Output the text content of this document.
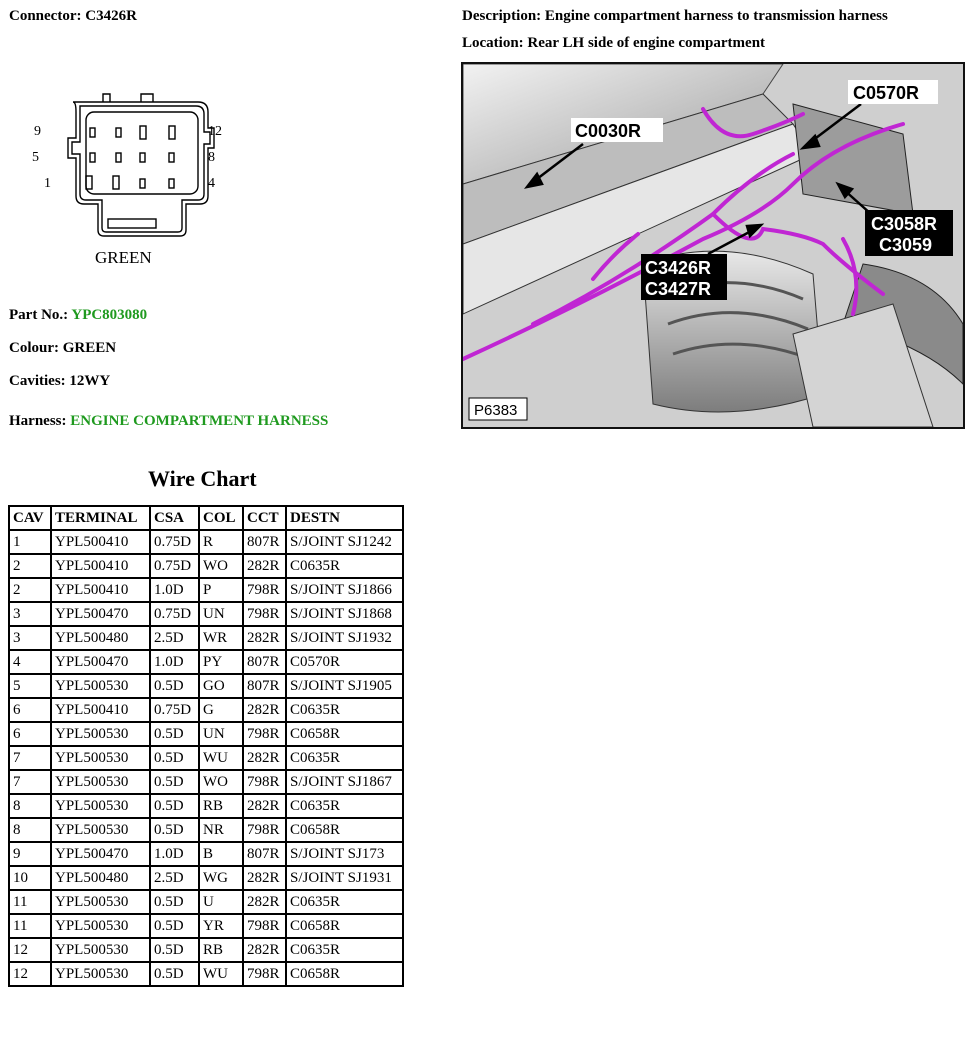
Connector: C3426R	Description: Engine compartment harness to transmission harness
Location: Rear LH side of engine compartment
9	12
5	8
1	4
GREEN
Part No.: YPC803080
Colour: GREEN
Cavities: 12WY
Harness: ENGINE COMPARTMENT HARNESS
C0570R
C0030R
C3058R
C3059
C3426R
C3427R
P6383
Wire Chart
CAV	TERMINAL	CSA	COL	CCT	DESTN
1	YPL500410	0.75D	R	807R	S/JOINT SJ1242
2	YPL500410	0.75D	WO	282R	C0635R
2	YPL500410	1.0D	P	798R	S/JOINT SJ1866
3	YPL500470	0.75D	UN	798R	S/JOINT SJ1868
3	YPL500480	2.5D	WR	282R	S/JOINT SJ1932
4	YPL500470	1.0D	PY	807R	C0570R
5	YPL500530	0.5D	GO	807R	S/JOINT SJ1905
6	YPL500410	0.75D	G	282R	C0635R
6	YPL500530	0.5D	UN	798R	C0658R
7	YPL500530	0.5D	WU	282R	C0635R
7	YPL500530	0.5D	WO	798R	S/JOINT SJ1867
8	YPL500530	0.5D	RB	282R	C0635R
8	YPL500530	0.5D	NR	798R	C0658R
9	YPL500470	1.0D	B	807R	S/JOINT SJ173
10	YPL500480	2.5D	WG	282R	S/JOINT SJ1931
11	YPL500530	0.5D	U	282R	C0635R
11	YPL500530	0.5D	YR	798R	C0658R
12	YPL500530	0.5D	RB	282R	C0635R
12	YPL500530	0.5D	WU	798R	C0658R
